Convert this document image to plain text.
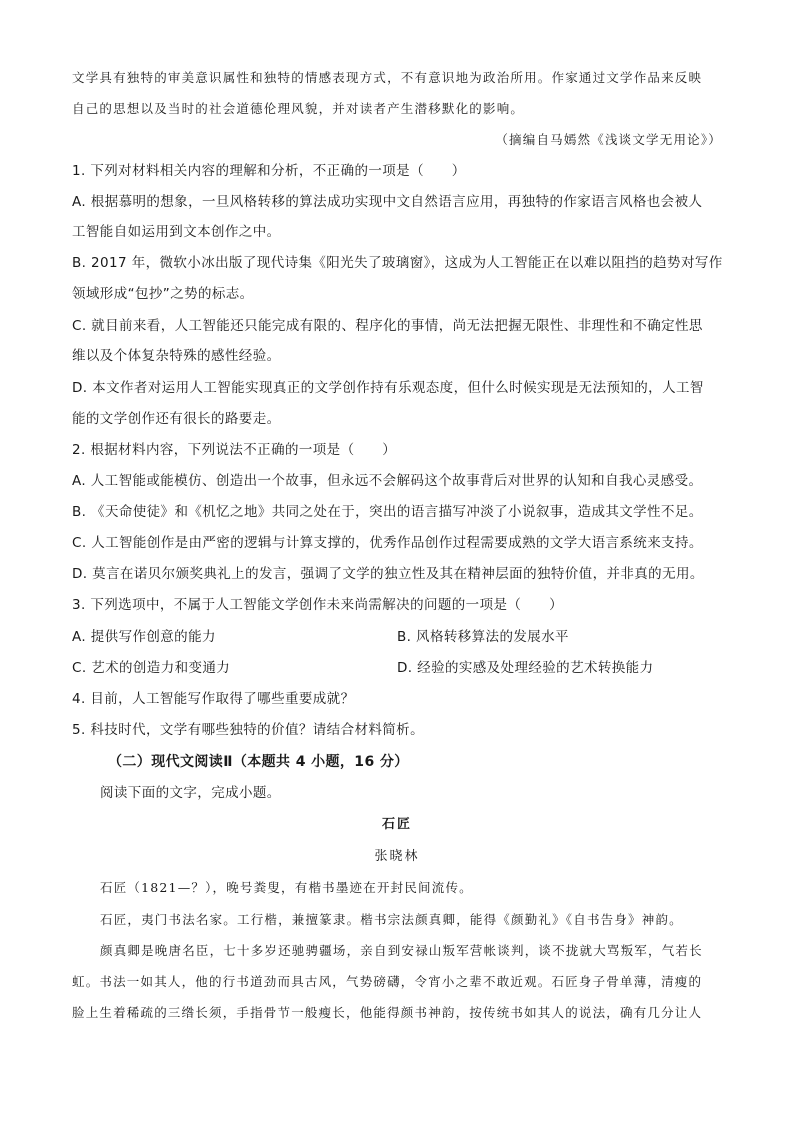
文学具有独特的审美意识属性和独特的情感表现方式，不有意识地为政治所用。作家通过文学作品来反映
自己的思想以及当时的社会道德伦理风貌，并对读者产生潜移默化的影响。
（摘编自马嫣然《浅谈文学无用论》）
1. 下列对材料相关内容的理解和分析，不正确的一项是（　　）
A. 根据慕明的想象，一旦风格转移的算法成功实现中文自然语言应用，再独特的作家语言风格也会被人
工智能自如运用到文本创作之中。
B. 2017 年，微软小冰出版了现代诗集《阳光失了玻璃窗》，这成为人工智能正在以难以阻挡的趋势对写作
领域形成“包抄”之势的标志。
C. 就目前来看，人工智能还只能完成有限的、程序化的事情，尚无法把握无限性、非理性和不确定性思
维以及个体复杂特殊的感性经验。
D. 本文作者对运用人工智能实现真正的文学创作持有乐观态度，但什么时候实现是无法预知的，人工智
能的文学创作还有很长的路要走。
2. 根据材料内容，下列说法不正确的一项是（　　）
A. 人工智能或能模仿、创造出一个故事，但永远不会解码这个故事背后对世界的认知和自我心灵感受。
B. 《天命使徒》和《机忆之地》共同之处在于，突出的语言描写冲淡了小说叙事，造成其文学性不足。
C. 人工智能创作是由严密的逻辑与计算支撑的，优秀作品创作过程需要成熟的文学大语言系统来支持。
D. 莫言在诺贝尔颁奖典礼上的发言，强调了文学的独立性及其在精神层面的独特价值，并非真的无用。
3. 下列选项中，不属于人工智能文学创作未来尚需解决的问题的一项是（　　）
A. 提供写作创意的能力	B. 风格转移算法的发展水平
C. 艺术的创造力和变通力	D. 经验的实感及处理经验的艺术转换能力
4. 目前，人工智能写作取得了哪些重要成就？
5. 科技时代，文学有哪些独特的价值？请结合材料简析。
（二）现代文阅读Ⅱ（本题共 4 小题，16 分）
阅读下面的文字，完成小题。
石匠
张晓林
石匠（1821—？），晚号粪叟，有楷书墨迹在开封民间流传。
石匠，夷门书法名家。工行楷，兼擅篆隶。楷书宗法颜真卿，能得《颜勤礼》《自书告身》神韵。
颜真卿是晚唐名臣，七十多岁还驰骋疆场，亲自到安禄山叛军营帐谈判，谈不拢就大骂叛军，气若长
虹。书法一如其人，他的行书道劲而具古风，气势磅礴，令宵小之辈不敢近观。石匠身子骨单薄，清瘦的
脸上生着稀疏的三绺长须，手指骨节一般瘦长，他能得颜书神韵，按传统书如其人的说法，确有几分让人
